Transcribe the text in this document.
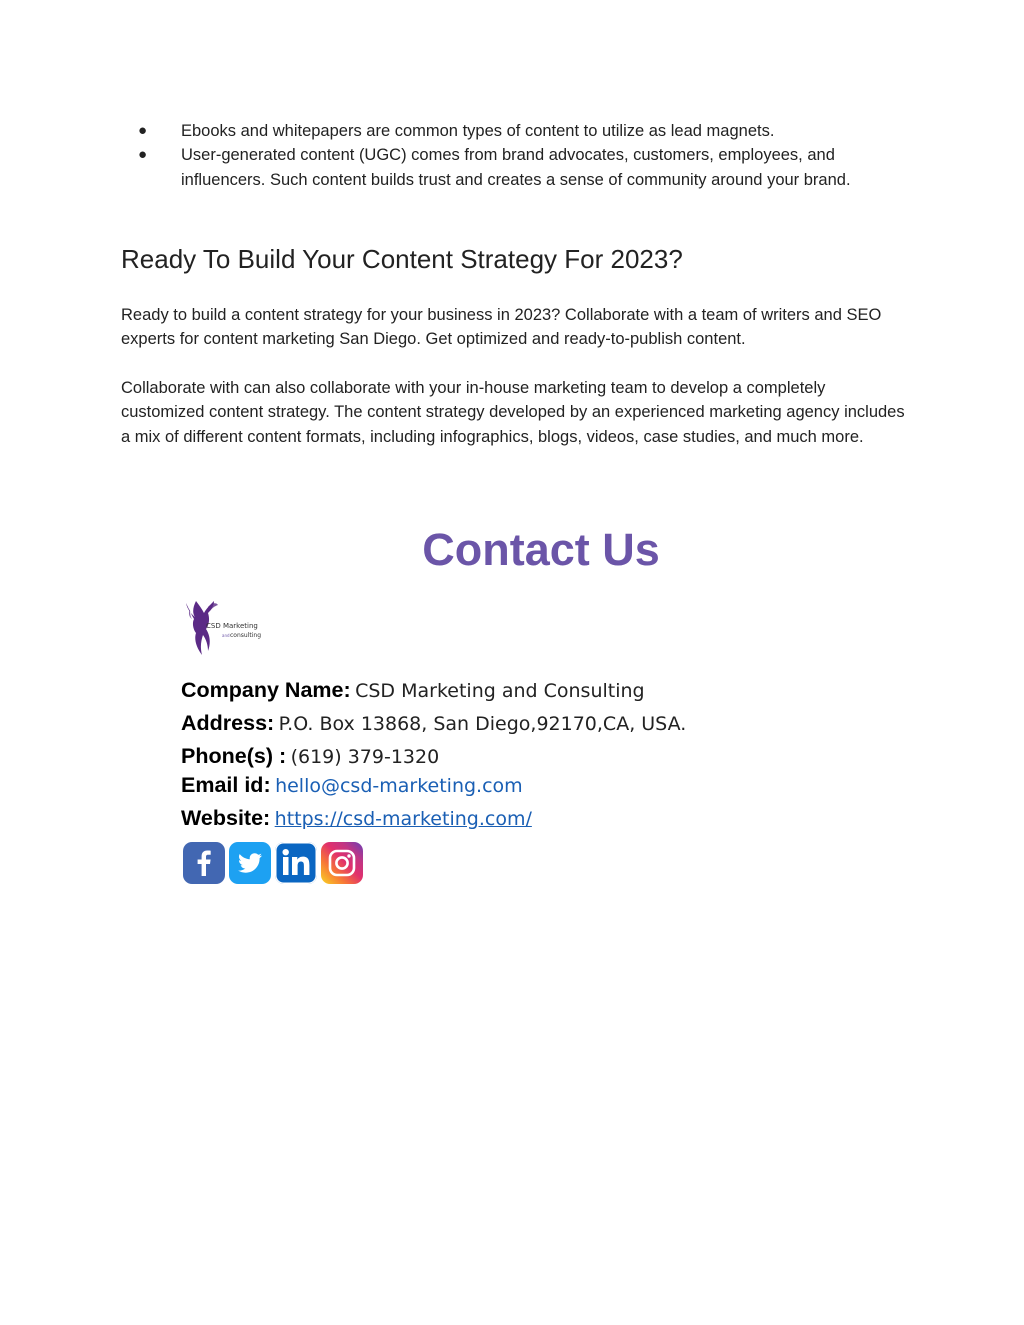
● Ebooks and whitepapers are common types of content to utilize as lead magnets.
● User-generated content (UGC) comes from brand advocates, customers, employees, and influencers. Such content builds trust and creates a sense of community around your brand.
Ready To Build Your Content Strategy For 2023?

Ready to build a content strategy for your business in 2023? Collaborate with a team of writers and SEO experts for content marketing San Diego. Get optimized and ready-to-publish content.

Collaborate with can also collaborate with your in-house marketing team to develop a completely customized content strategy. The content strategy developed by an experienced marketing agency includes a mix of different content formats, including infographics, blogs, videos, case studies, and much more.

Contact Us
CSD Marketing
and consulting
Company Name: CSD Marketing and Consulting
Address: P.O. Box 13868, San Diego,92170,CA, USA.
Phone(s) : (619) 379-1320
Email id: hello@csd-marketing.com
Website: https://csd-marketing.com/
